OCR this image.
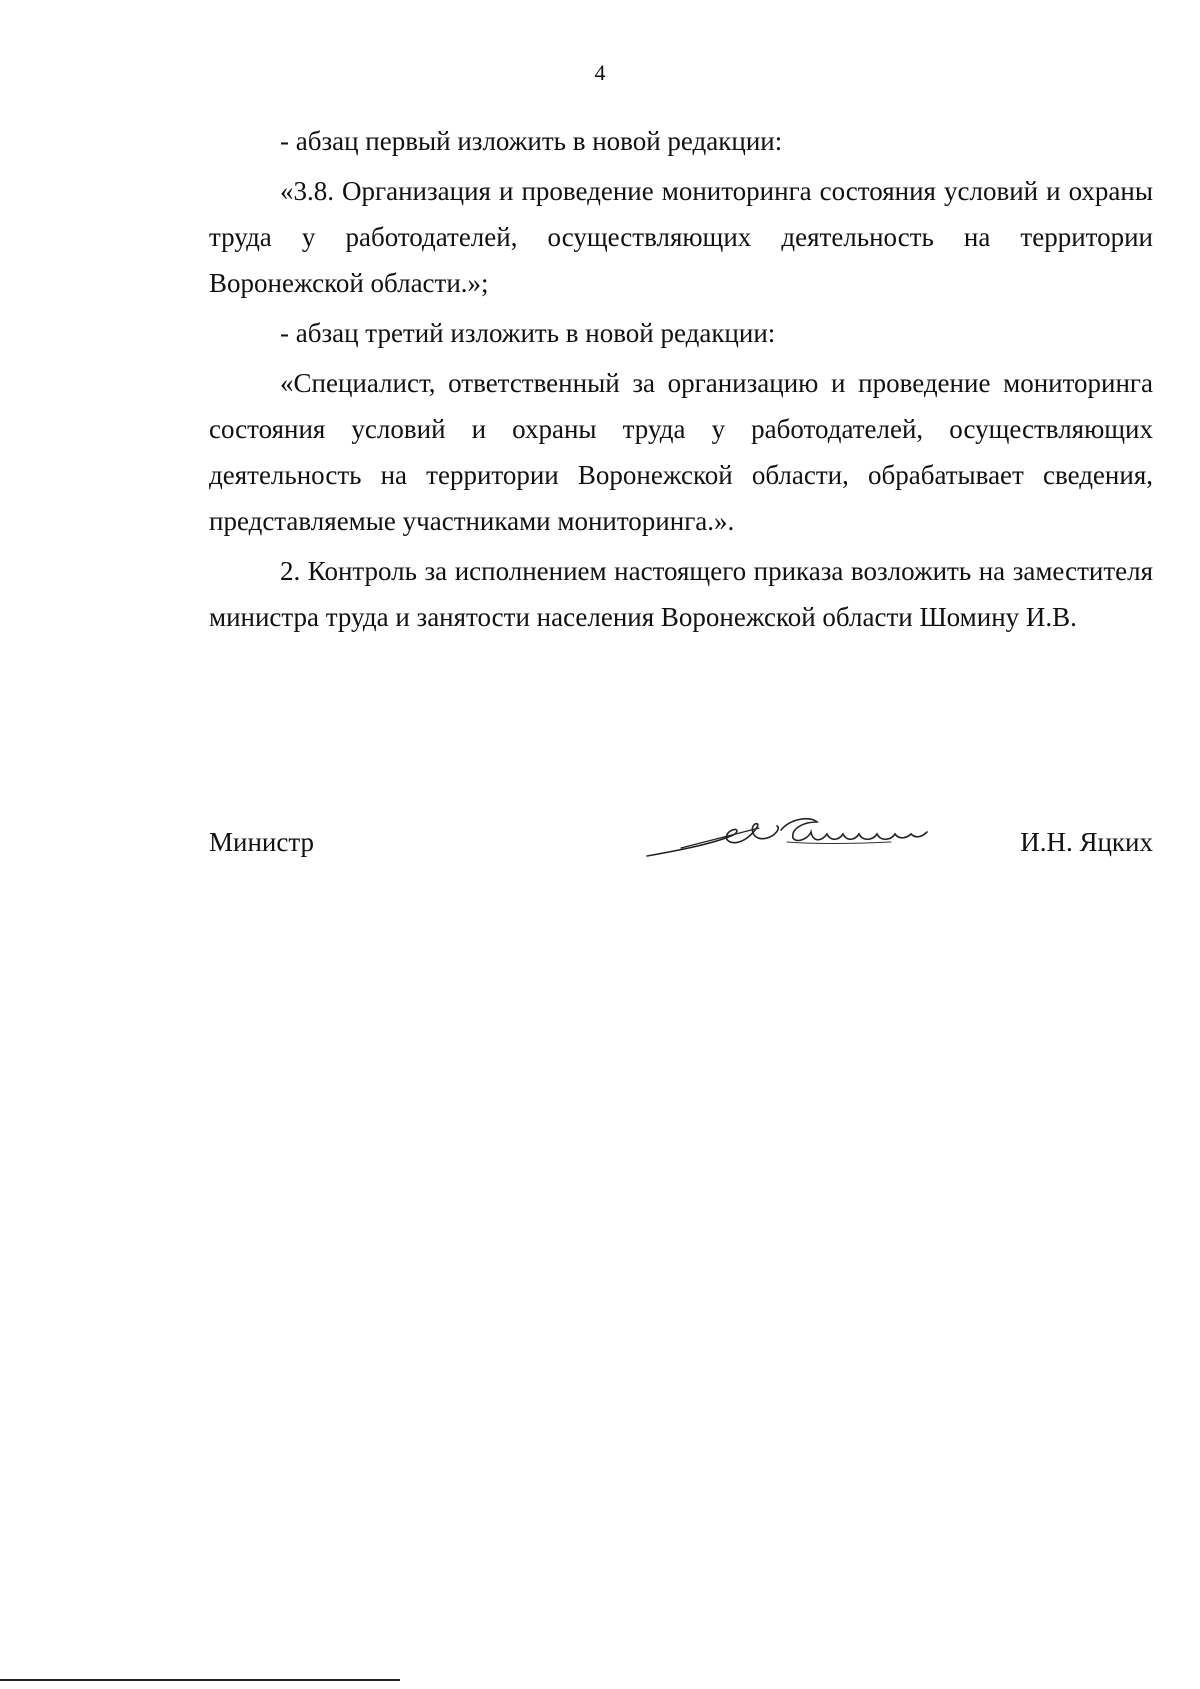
4

- абзац первый изложить в новой редакции:

«3.8. Организация и проведение мониторинга состояния условий и охраны труда у работодателей, осуществляющих деятельность на территории Воронежской области.»;

- абзац третий изложить в новой редакции:

«Специалист, ответственный за организацию и проведение мониторинга состояния условий и охраны труда у работодателей, осуществляющих деятельность на территории Воронежской области, обрабатывает сведения, представляемые участниками мониторинга.».

2. Контроль за исполнением настоящего приказа возложить на заместителя министра труда и занятости населения Воронежской области Шомину И.В.

Министр	И.Н. Яцких
